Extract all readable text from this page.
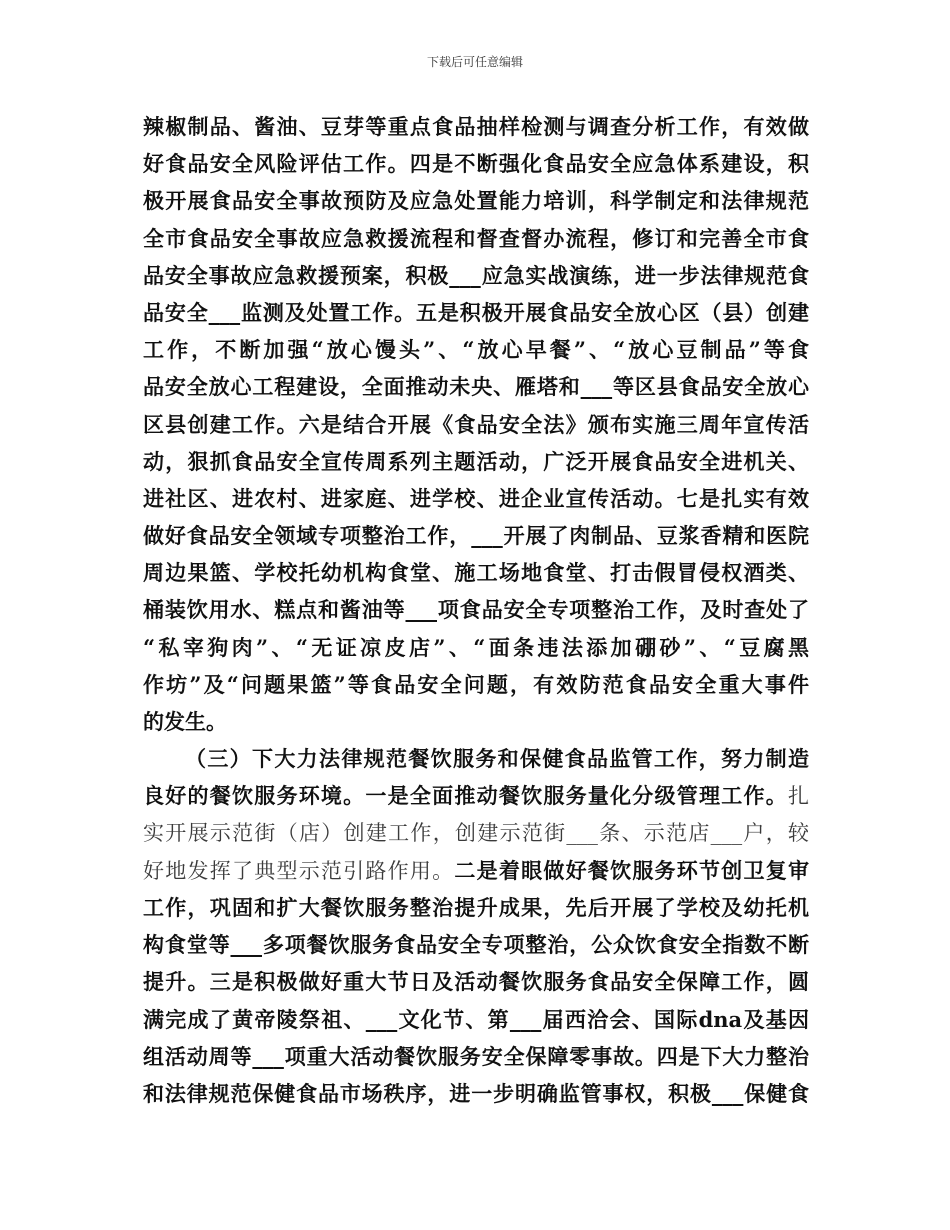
下载后可任意编辑
辣椒制品、酱油、豆芽等重点食品抽样检测与调查分析工作，有效做
好食品安全风险评估工作。四是不断强化食品安全应急体系建设，积
极开展食品安全事故预防及应急处置能力培训，科学制定和法律规范
全市食品安全事故应急救援流程和督查督办流程，修订和完善全市食
品安全事故应急救援预案，积极___应急实战演练，进一步法律规范食
品安全___监测及处置工作。五是积极开展食品安全放心区（县）创建
工作，不断加强“放心馒头”、“放心早餐”、“放心豆制品”等食
品安全放心工程建设，全面推动未央、雁塔和___等区县食品安全放心
区县创建工作。六是结合开展《食品安全法》颁布实施三周年宣传活
动，狠抓食品安全宣传周系列主题活动，广泛开展食品安全进机关、
进社区、进农村、进家庭、进学校、进企业宣传活动。七是扎实有效
做好食品安全领域专项整治工作，___开展了肉制品、豆浆香精和医院
周边果篮、学校托幼机构食堂、施工场地食堂、打击假冒侵权酒类、
桶装饮用水、糕点和酱油等___项食品安全专项整治工作，及时查处了
“私宰狗肉”、“无证凉皮店”、“面条违法添加硼砂”、“豆腐黑
作坊”及“问题果篮”等食品安全问题，有效防范食品安全重大事件
的发生。
（三）下大力法律规范餐饮服务和保健食品监管工作，努力制造
良好的餐饮服务环境。一是全面推动餐饮服务量化分级管理工作。扎
实开展示范街（店）创建工作，创建示范街___条、示范店___户，较
好地发挥了典型示范引路作用。二是着眼做好餐饮服务环节创卫复审
工作，巩固和扩大餐饮服务整治提升成果，先后开展了学校及幼托机
构食堂等___多项餐饮服务食品安全专项整治，公众饮食安全指数不断
提升。三是积极做好重大节日及活动餐饮服务食品安全保障工作，圆
满完成了黄帝陵祭祖、___文化节、第___届西洽会、国际dna及基因
组活动周等___项重大活动餐饮服务安全保障零事故。四是下大力整治
和法律规范保健食品市场秩序，进一步明确监管事权，积极___保健食
